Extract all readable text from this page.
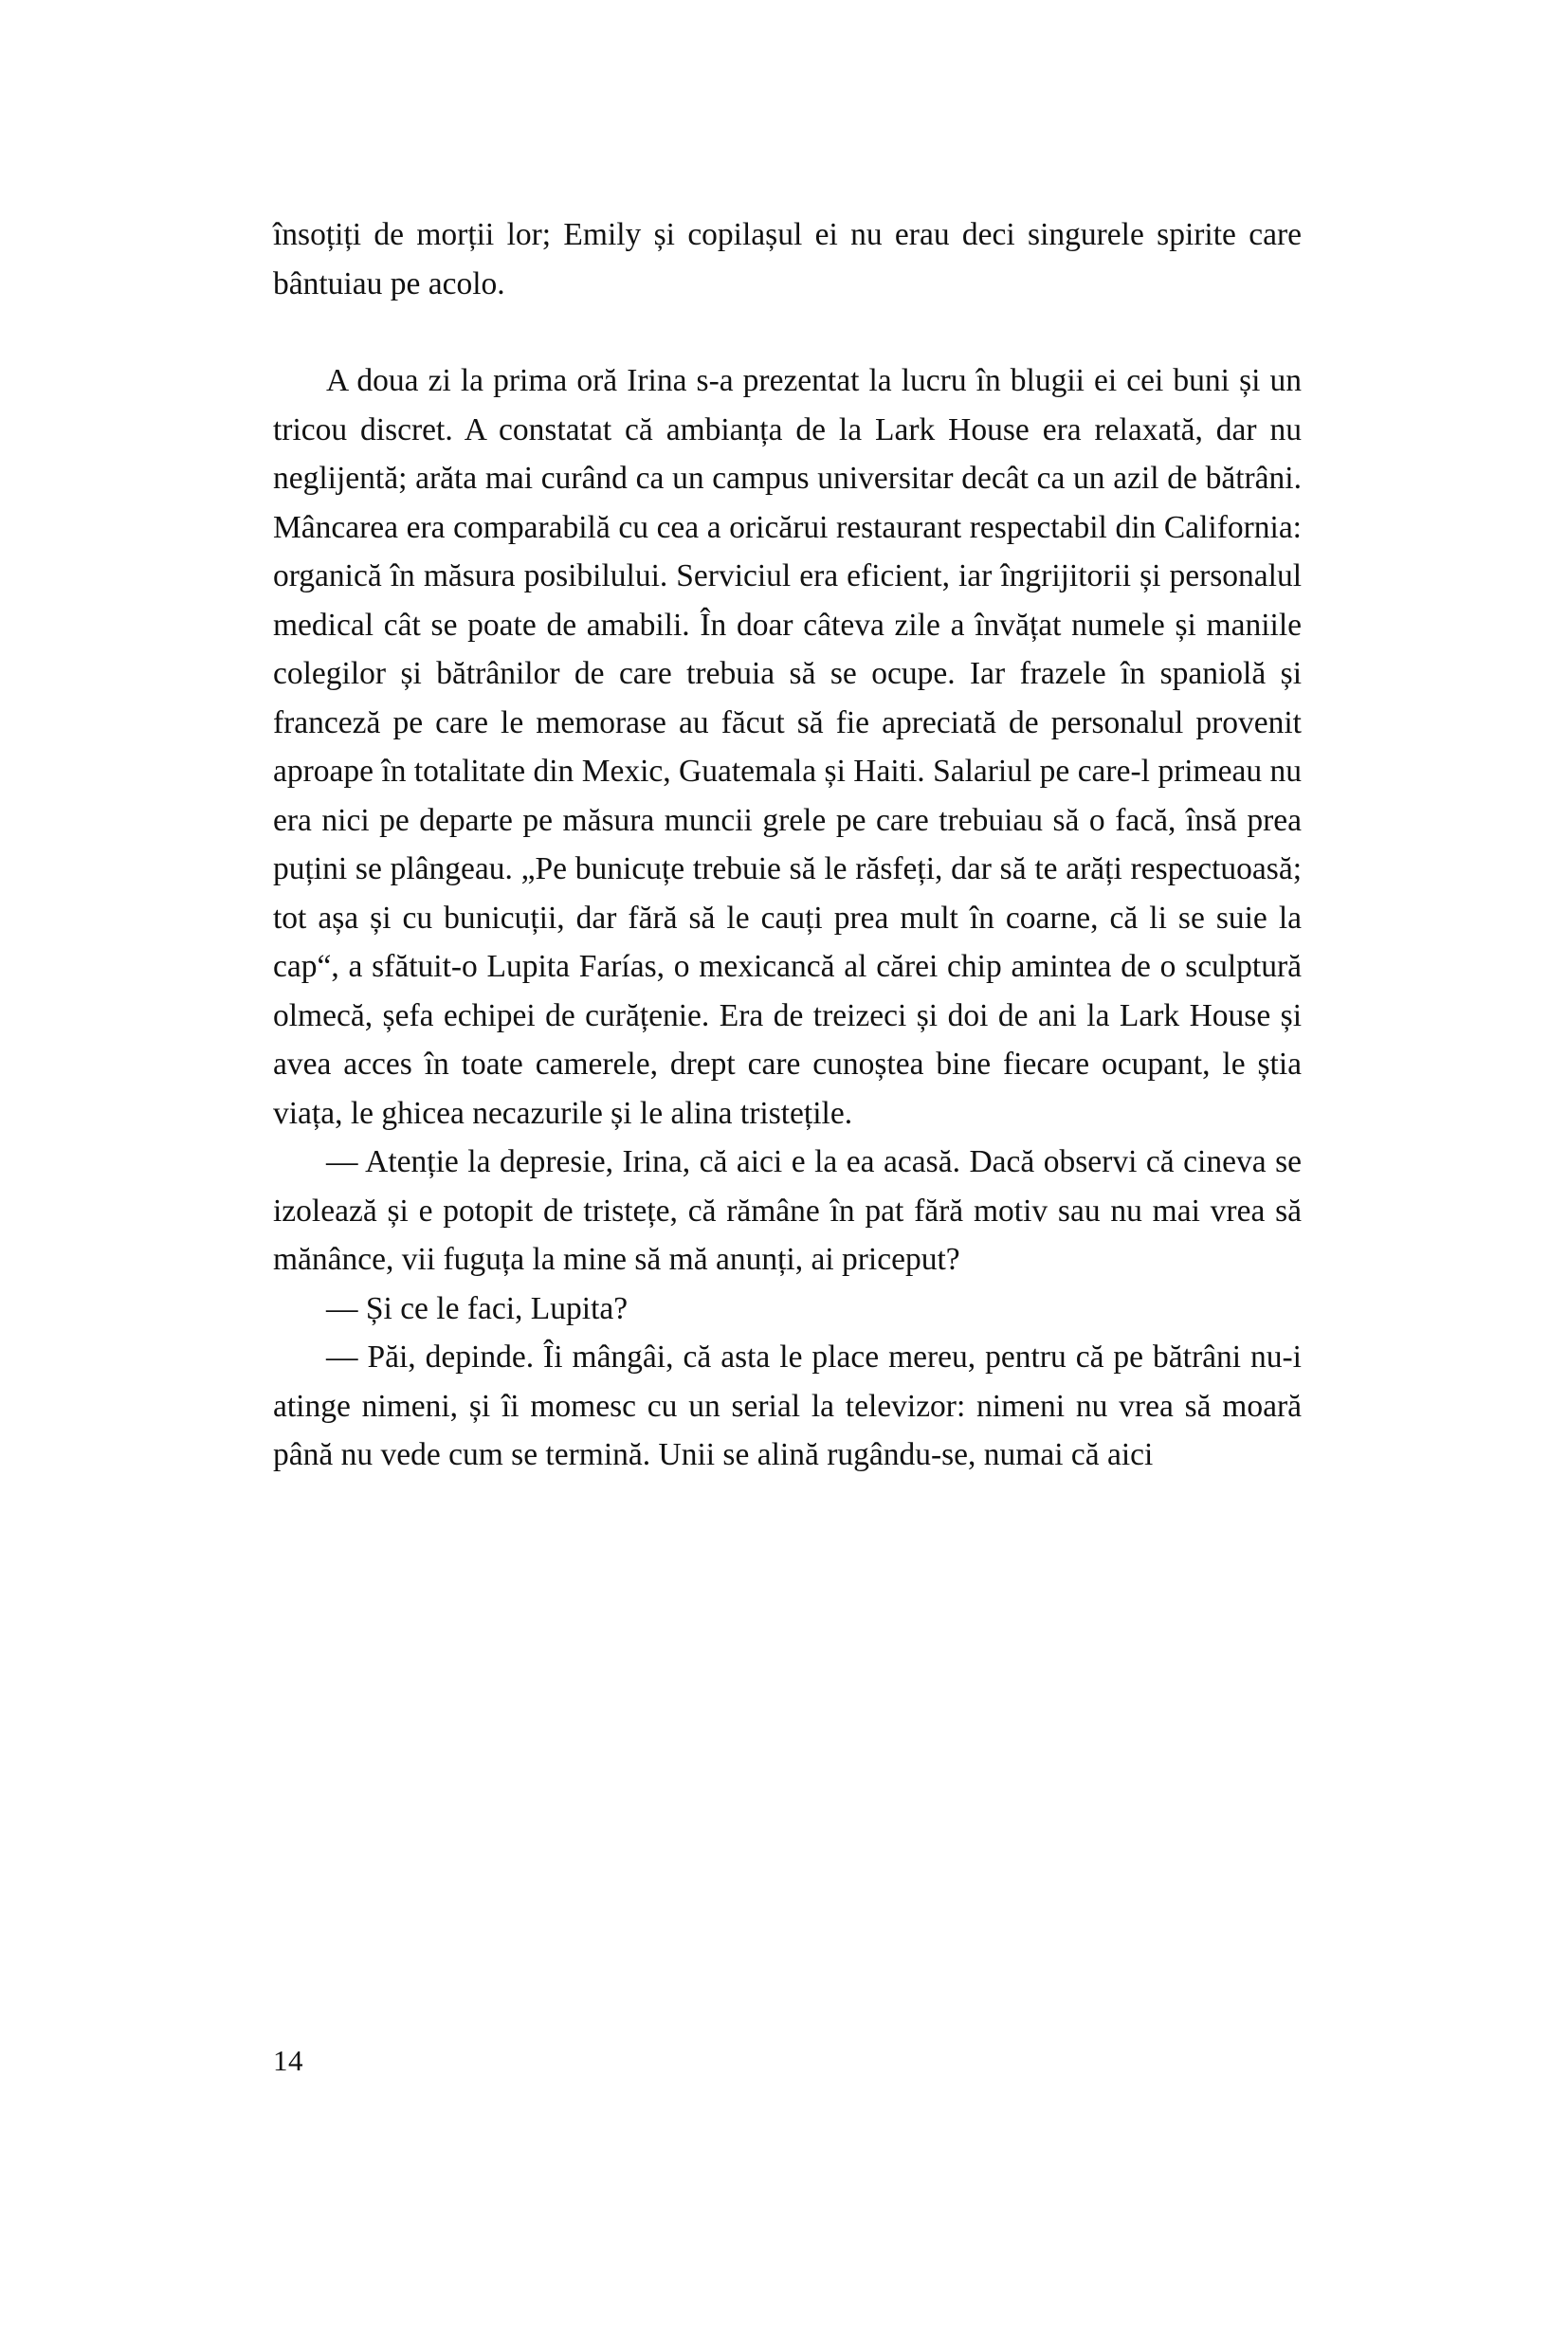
însoțiți de morții lor; Emily și copilașul ei nu erau deci singurele spirite care bântuiau pe acolo.

A doua zi la prima oră Irina s-a prezentat la lucru în blugii ei cei buni și un tricou discret. A constatat că ambianța de la Lark House era relaxată, dar nu neglijentă; arăta mai curând ca un campus universitar decât ca un azil de bătrâni. Mâncarea era comparabilă cu cea a oricărui restaurant respectabil din California: organică în măsura posibilului. Serviciul era eficient, iar îngrijitorii și personalul medical cât se poate de amabili. În doar câteva zile a învățat numele și maniile colegilor și bătrânilor de care trebuia să se ocupe. Iar frazele în spaniolă și franceză pe care le memorase au făcut să fie apreciată de personalul provenit aproape în totalitate din Mexic, Guatemala și Haiti. Salariul pe care-l primeau nu era nici pe departe pe măsura muncii grele pe care trebuiau să o facă, însă prea puțini se plângeau. „Pe bunicuțe trebuie să le răsfeți, dar să te arăți respectuoasă; tot așa și cu bunicuții, dar fără să le cauți prea mult în coarne, că li se suie la cap“, a sfătuit-o Lupita Farías, o mexicancă al cărei chip amintea de o sculptură olmecă, șefa echipei de curățenie. Era de treizeci și doi de ani la Lark House și avea acces în toate camerele, drept care cunoștea bine fiecare ocupant, le știa viața, le ghicea necazurile și le alina tristețile.

— Atenție la depresie, Irina, că aici e la ea acasă. Dacă observi că cineva se izolează și e potopit de tristețe, că rămâne în pat fără motiv sau nu mai vrea să mănânce, vii fuguța la mine să mă anunți, ai priceput?

— Și ce le faci, Lupita?

— Păi, depinde. Îi mângâi, că asta le place mereu, pentru că pe bătrâni nu-i atinge nimeni, și îi momesc cu un serial la televizor: nimeni nu vrea să moară până nu vede cum se termină. Unii se alină rugându-se, numai că aici

14
